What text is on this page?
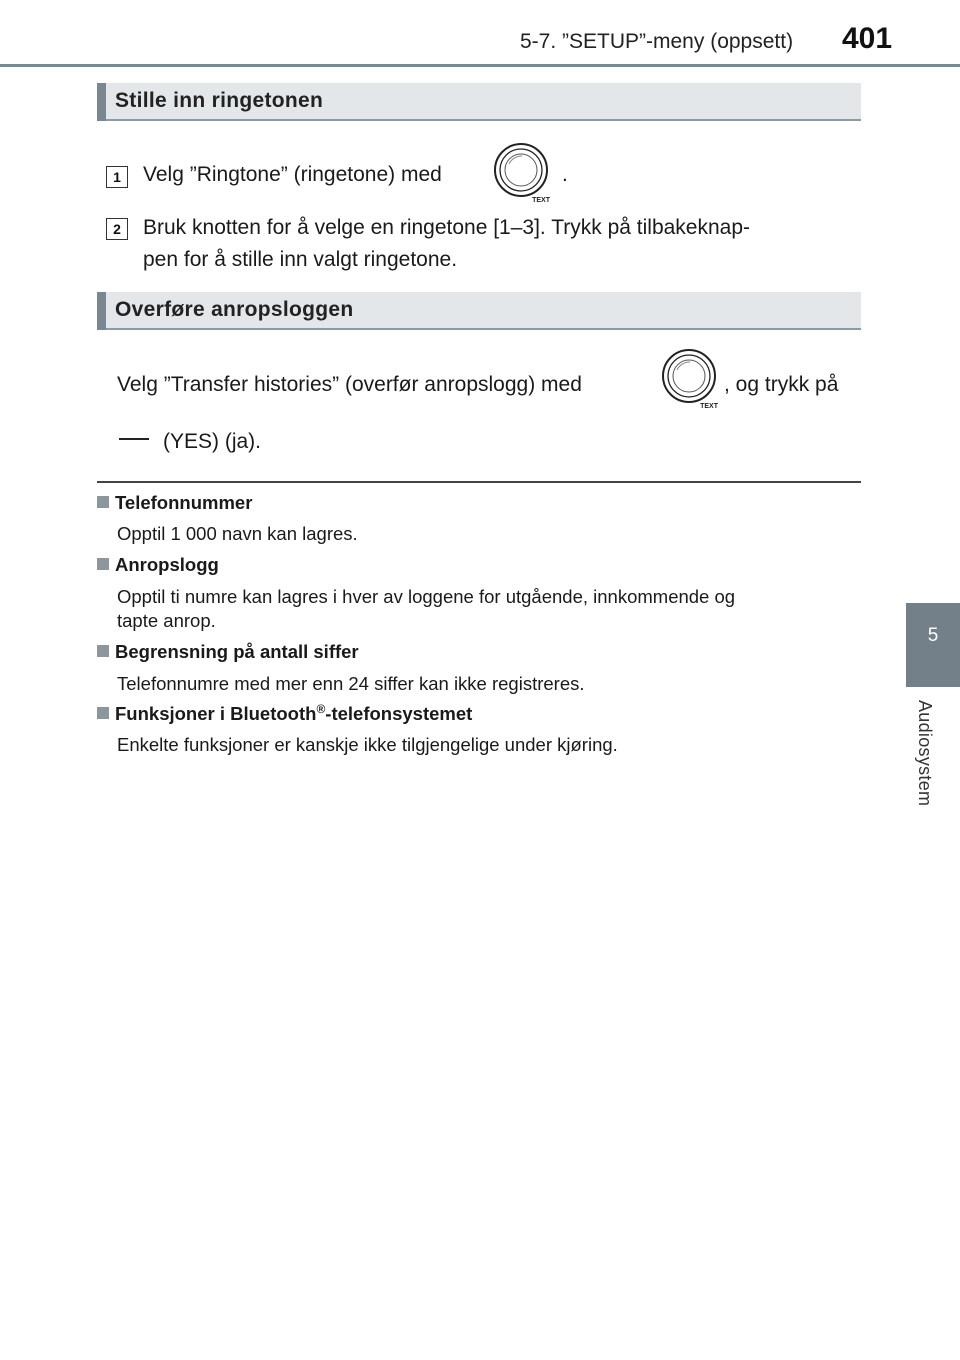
5-7. ”SETUP”-meny (oppsett) 401
5
Audiosystem
Stille inn ringetonen
1	Velg ”Ringtone” (ringetone) med
TEXT
.
2	Bruk knotten for å velge en ringetone [1–3]. Trykk på tilbakeknap-
pen for å stille inn valgt ringetone.
Overføre anropsloggen
Velg ”Transfer histories” (overfør anropslogg) med
TEXT
, og trykk på
(YES) (ja).
Telefonnummer
Opptil 1 000 navn kan lagres.
Anropslogg
Opptil ti numre kan lagres i hver av loggene for utgående, innkommende og
tapte anrop.
Begrensning på antall siffer
Telefonnumre med mer enn 24 siffer kan ikke registreres.
Funksjoner i Bluetooth®-telefonsystemet
Enkelte funksjoner er kanskje ikke tilgjengelige under kjøring.
